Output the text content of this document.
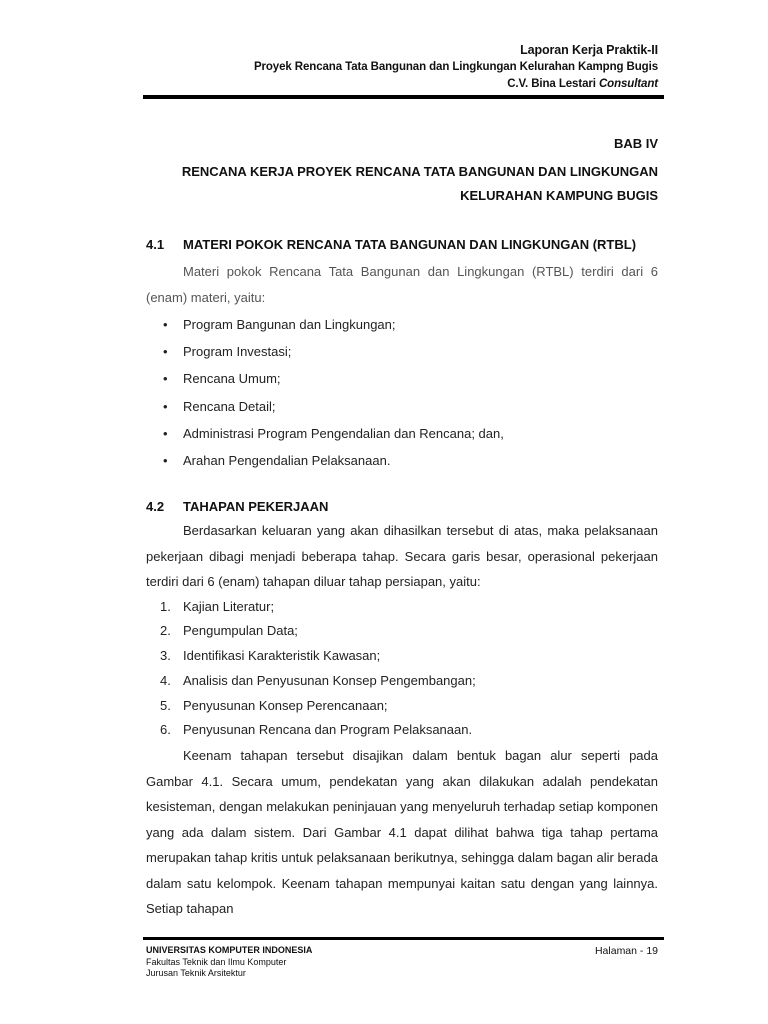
Laporan Kerja Praktik-II
Proyek Rencana Tata Bangunan dan Lingkungan Kelurahan Kampng Bugis
C.V. Bina Lestari Consultant
BAB IV
RENCANA KERJA PROYEK RENCANA TATA BANGUNAN DAN LINGKUNGAN
KELURAHAN KAMPUNG BUGIS
4.1 MATERI POKOK RENCANA TATA BANGUNAN DAN LINGKUNGAN (RTBL)

Materi pokok Rencana Tata Bangunan dan Lingkungan (RTBL) terdiri dari 6 (enam) materi, yaitu:

• Program Bangunan dan Lingkungan;
• Program Investasi;
• Rencana Umum;
• Rencana Detail;
• Administrasi Program Pengendalian dan Rencana; dan,
• Arahan Pengendalian Pelaksanaan.
4.2 TAHAPAN PEKERJAAN

Berdasarkan keluaran yang akan dihasilkan tersebut di atas, maka pelaksanaan pekerjaan dibagi menjadi beberapa tahap. Secara garis besar, operasional pekerjaan terdiri dari 6 (enam) tahapan diluar tahap persiapan, yaitu:

1. Kajian Literatur;
2. Pengumpulan Data;
3. Identifikasi Karakteristik Kawasan;
4. Analisis dan Penyusunan Konsep Pengembangan;
5. Penyusunan Konsep Perencanaan;
6. Penyusunan Rencana dan Program Pelaksanaan.

Keenam tahapan tersebut disajikan dalam bentuk bagan alur seperti pada Gambar 4.1. Secara umum, pendekatan yang akan dilakukan adalah pendekatan kesisteman, dengan melakukan peninjauan yang menyeluruh terhadap setiap komponen yang ada dalam sistem. Dari Gambar 4.1 dapat dilihat bahwa tiga tahap pertama merupakan tahap kritis untuk pelaksanaan berikutnya, sehingga dalam bagan alir berada dalam satu kelompok. Keenam tahapan mempunyai kaitan satu dengan yang lainnya. Setiap tahapan

UNIVERSITAS KOMPUTER INDONESIA
Fakultas Teknik dan Ilmu Komputer
Jurusan Teknik Arsitektur
Halaman - 19
